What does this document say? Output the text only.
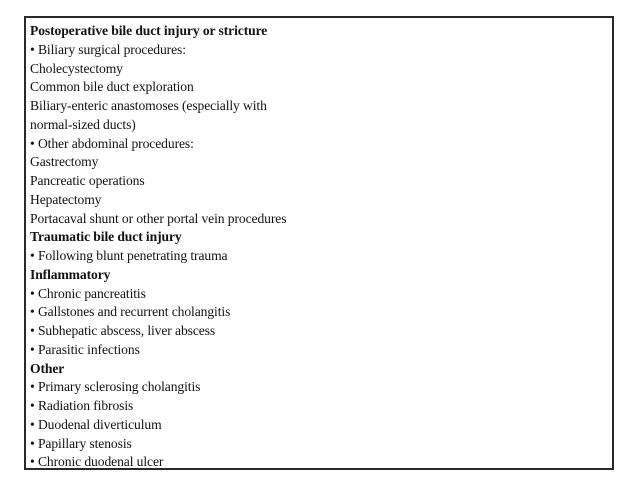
Postoperative bile duct injury or stricture
• Biliary surgical procedures:
Cholecystectomy
Common bile duct exploration
Biliary-enteric anastomoses (especially with
normal-sized ducts)
• Other abdominal procedures:
Gastrectomy
Pancreatic operations
Hepatectomy
Portacaval shunt or other portal vein procedures
Traumatic bile duct injury
• Following blunt penetrating trauma
Inflammatory
• Chronic pancreatitis
• Gallstones and recurrent cholangitis
• Subhepatic abscess, liver abscess
• Parasitic infections
Other
• Primary sclerosing cholangitis
• Radiation fibrosis
• Duodenal diverticulum
• Papillary stenosis
• Chronic duodenal ulcer
